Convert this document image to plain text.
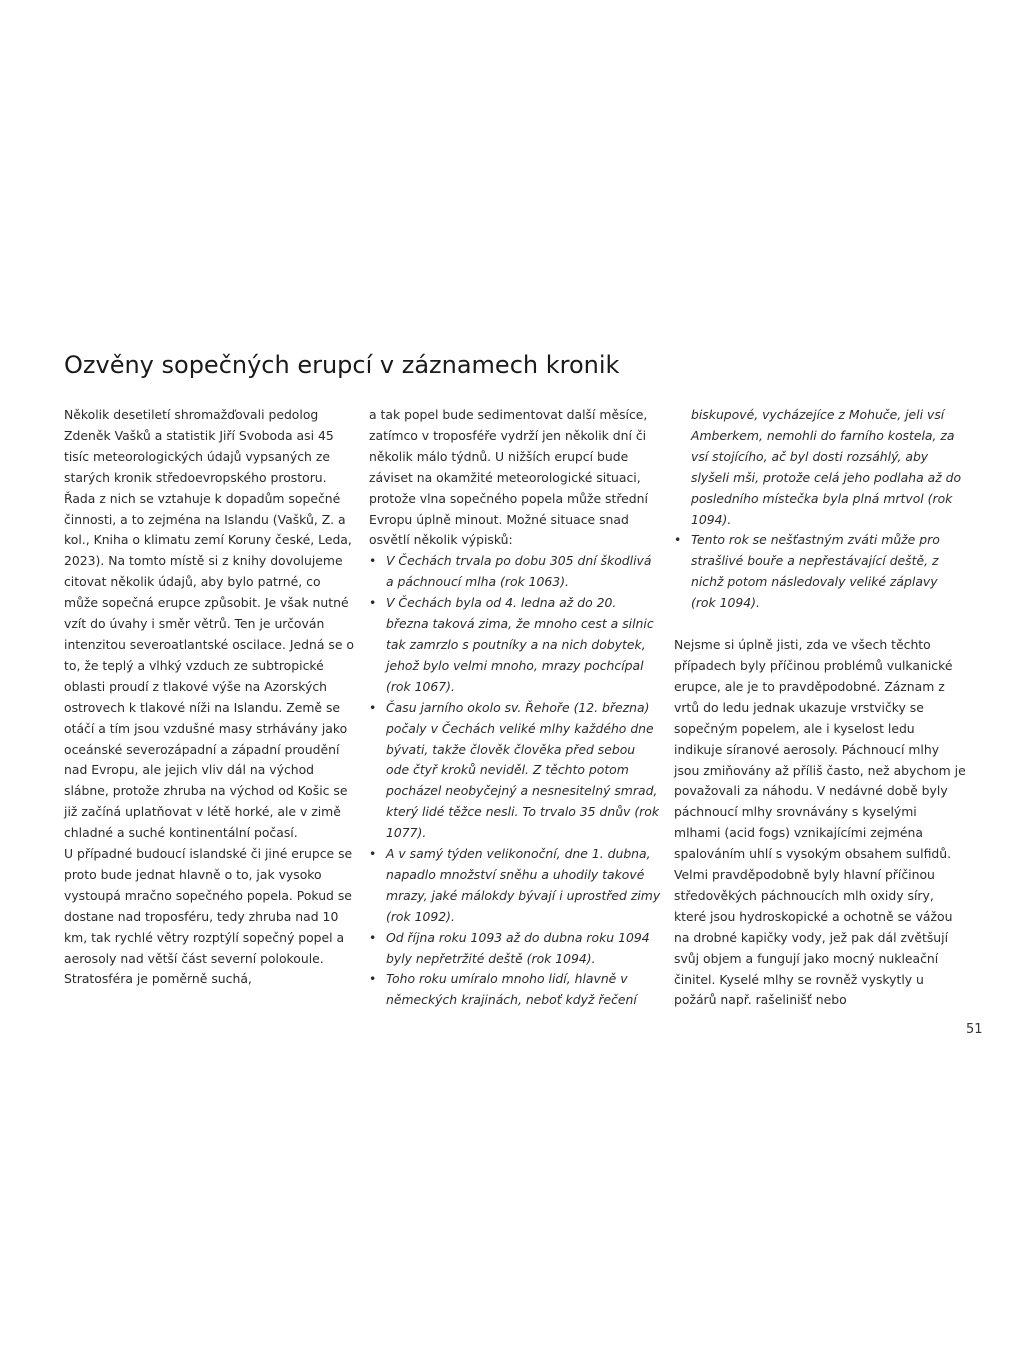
Ozvěny sopečných erupcí v záznamech kronik

Několik desetiletí shromažďovali pedolog Zdeněk Vašků a statistik Jiří Svoboda asi 45 tisíc meteorologických údajů vypsaných ze starých kronik středoevropského prostoru. Řada z nich se vztahuje k dopadům sopečné činnosti, a to zejména na Islandu (Vašků, Z. a kol., Kniha o klimatu zemí Koruny české, Leda, 2023). Na tomto místě si z knihy dovolujeme citovat několik údajů, aby bylo patrné, co může sopečná erupce způsobit. Je však nutné vzít do úvahy i směr větrů. Ten je určován intenzitou severoatlantské oscilace. Jedná se o to, že teplý a vlhký vzduch ze subtropické oblasti proudí z tlakové výše na Azorských ostrovech k tlakové níži na Islandu. Země se otáčí a tím jsou vzdušné masy strhávány jako oceánské severozápadní a západní proudění nad Evropu, ale jejich vliv dál na východ slábne, protože zhruba na východ od Košic se již začíná uplatňovat v létě horké, ale v zimě chladné a suché kontinentální počasí.

U případné budoucí islandské či jiné erupce se proto bude jednat hlavně o to, jak vysoko vystoupá mračno sopečného popela. Pokud se dostane nad troposféru, tedy zhruba nad 10 km, tak rychlé větry rozptýlí sopečný popel a aerosoly nad větší část severní polokoule. Stratosféra je poměrně suchá,

a tak popel bude sedimentovat další měsíce, zatímco v troposféře vydrží jen několik dní či několik málo týdnů. U nižších erupcí bude záviset na okamžité meteorologické situaci, protože vlna sopečného popela může střední Evropu úplně minout. Možné situace snad osvětlí několik výpisků:

• V Čechách trvala po dobu 305 dní škodlivá a páchnoucí mlha (rok 1063).
• V Čechách byla od 4. ledna až do 20. března taková zima, že mnoho cest a silnic tak zamrzlo s poutníky a na nich dobytek, jehož bylo velmi mnoho, mrazy pochcípal (rok 1067).
• Času jarního okolo sv. Řehoře (12. března) počaly v Čechách veliké mlhy každého dne bývati, takže člověk člověka před sebou ode čtyř kroků neviděl. Z těchto potom pocházel neobyčejný a nesnesitelný smrad, který lidé těžce nesli. To trvalo 35 dnův (rok 1077).
• A v samý týden velikonoční, dne 1. dubna, napadlo množství sněhu a uhodily takové mrazy, jaké málokdy bývají i uprostřed zimy (rok 1092).
• Od října roku 1093 až do dubna roku 1094 byly nepřetržité deště (rok 1094).
• Toho roku umíralo mnoho lidí, hlavně v německých krajinách, neboť když řečení
biskupové, vycházejíce z Mohuče, jeli vsí Amberkem, nemohli do farního kostela, za vsí stojícího, ač byl dosti rozsáhlý, aby slyšeli mši, protože celá jeho podlaha až do posledního místečka byla plná mrtvol (rok 1094).
• Tento rok se nešťastným zváti může pro strašlivé bouře a nepřestávající deště, z nichž potom následovaly veliké záplavy (rok 1094).

Nejsme si úplně jisti, zda ve všech těchto případech byly příčinou problémů vulkanické erupce, ale je to pravděpodobné. Záznam z vrtů do ledu jednak ukazuje vrstvičky se sopečným popelem, ale i kyselost ledu indikuje síranové aerosoly. Páchnoucí mlhy jsou zmiňovány až příliš často, než abychom je považovali za náhodu. V nedávné době byly páchnoucí mlhy srovnávány s kyselými mlhami (acid fogs) vznikajícími zejména spalováním uhlí s vysokým obsahem sulfidů. Velmi pravděpodobně byly hlavní příčinou středověkých páchnoucích mlh oxidy síry, které jsou hydroskopické a ochotně se vážou na drobné kapičky vody, jež pak dál zvětšují svůj objem a fungují jako mocný nukleační činitel. Kyselé mlhy se rovněž vyskytly u požárů např. rašelinišť nebo

51
